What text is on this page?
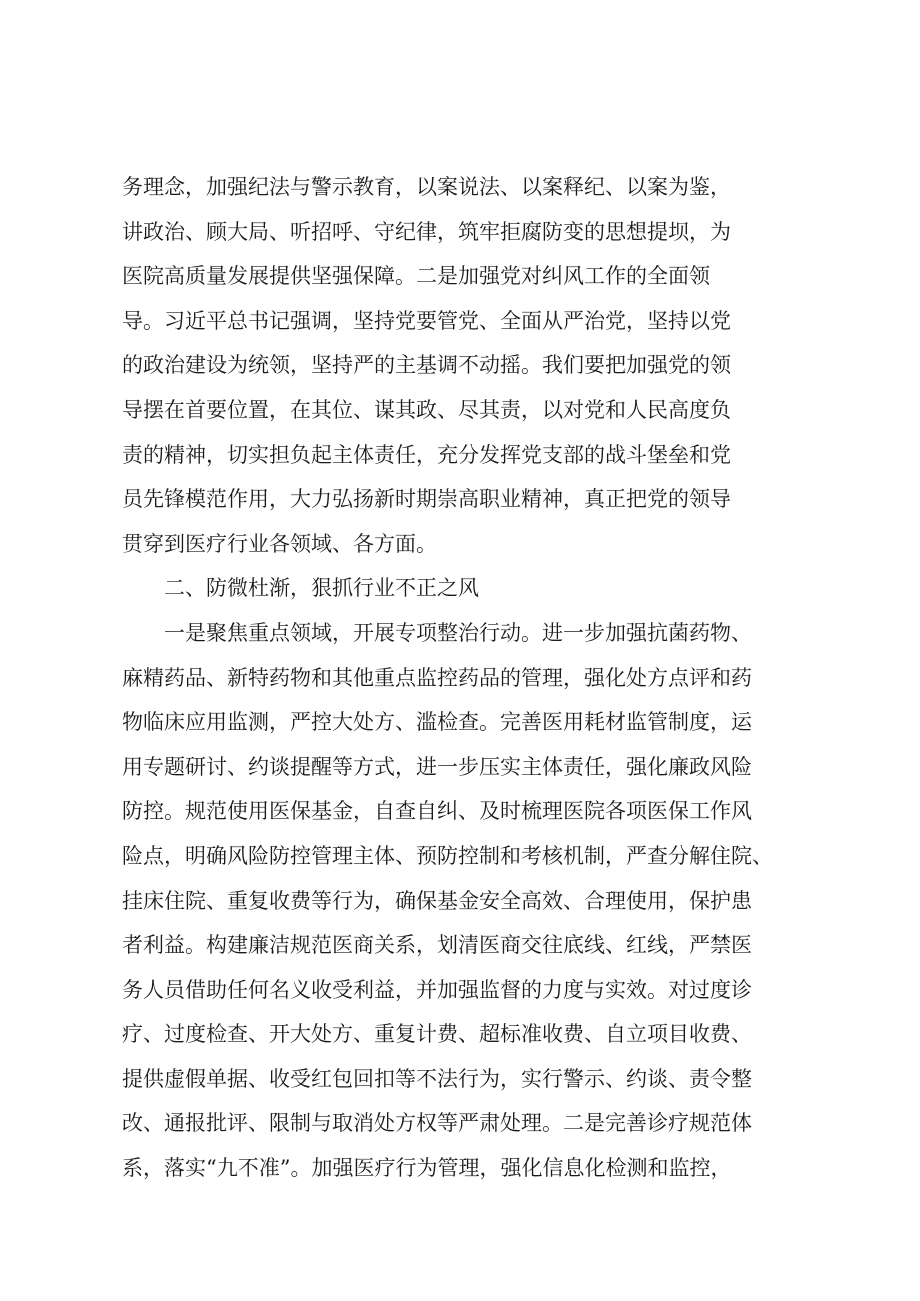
务理念，加强纪法与警示教育，以案说法、以案释纪、以案为鉴，
讲政治、顾大局、听招呼、守纪律，筑牢拒腐防变的思想提坝，为
医院高质量发展提供坚强保障。二是加强党对纠风工作的全面领
导。习近平总书记强调，坚持党要管党、全面从严治党，坚持以党
的政治建设为统领，坚持严的主基调不动摇。我们要把加强党的领
导摆在首要位置，在其位、谋其政、尽其责，以对党和人民高度负
责的精神，切实担负起主体责任，充分发挥党支部的战斗堡垒和党
员先锋模范作用，大力弘扬新时期崇高职业精神，真正把党的领导
贯穿到医疗行业各领域、各方面。
二、防微杜渐，狠抓行业不正之风
一是聚焦重点领域，开展专项整治行动。进一步加强抗菌药物、
麻精药品、新特药物和其他重点监控药品的管理，强化处方点评和药
物临床应用监测，严控大处方、滥检查。完善医用耗材监管制度，运
用专题研讨、约谈提醒等方式，进一步压实主体责任，强化廉政风险
防控。规范使用医保基金，自查自纠、及时梳理医院各项医保工作风
险点，明确风险防控管理主体、预防控制和考核机制，严查分解住院、
挂床住院、重复收费等行为，确保基金安全高效、合理使用，保护患
者利益。构建廉洁规范医商关系，划清医商交往底线、红线，严禁医
务人员借助任何名义收受利益，并加强监督的力度与实效。对过度诊
疗、过度检查、开大处方、重复计费、超标准收费、自立项目收费、
提供虚假单据、收受红包回扣等不法行为，实行警示、约谈、责令整
改、通报批评、限制与取消处方权等严肃处理。二是完善诊疗规范体
系，落实“九不准”。加强医疗行为管理，强化信息化检测和监控，
